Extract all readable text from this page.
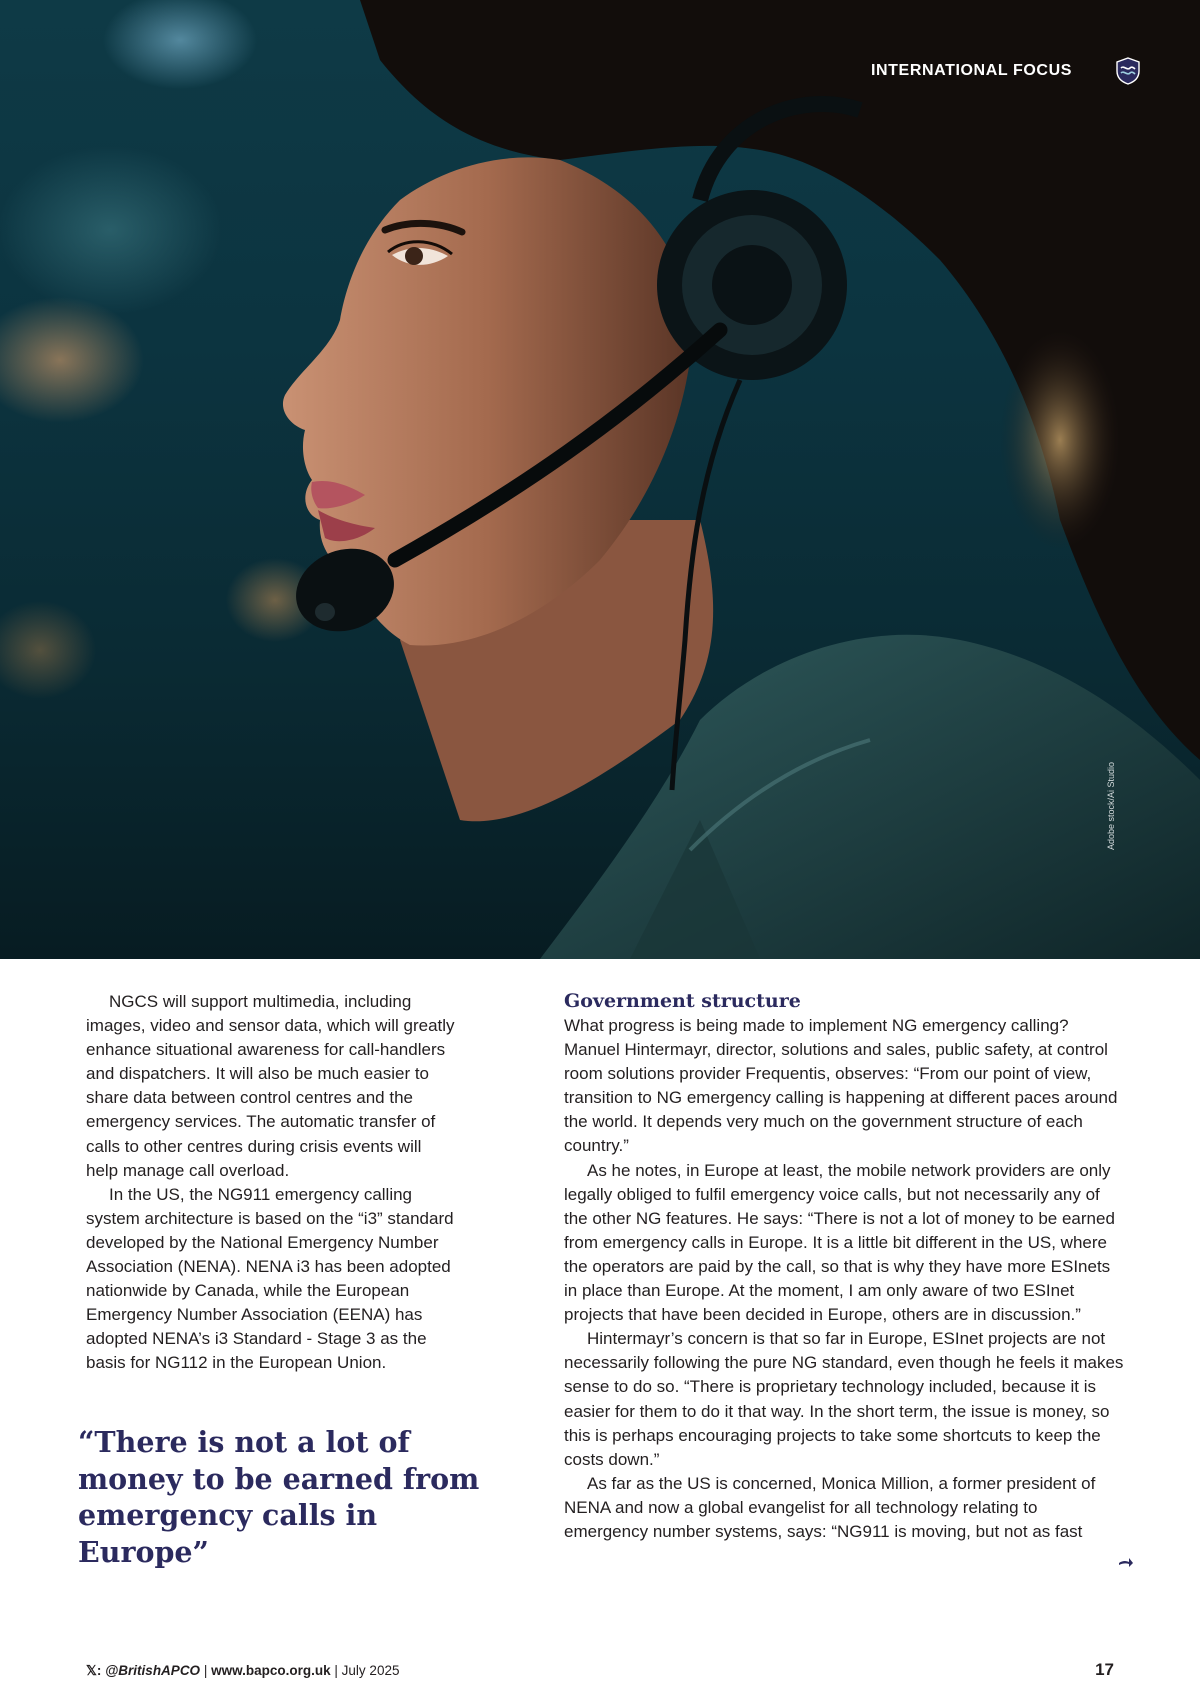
INTERNATIONAL FOCUS
Adobe stock/Ai Studio

NGCS will support multimedia, including images, video and sensor data, which will greatly enhance situational awareness for call-handlers and dispatchers. It will also be much easier to share data between control centres and the emergency services. The automatic transfer of calls to other centres during crisis events will help manage call overload.

In the US, the NG911 emergency calling system architecture is based on the “i3” standard developed by the National Emergency Number Association (NENA). NENA i3 has been adopted nationwide by Canada, while the European Emergency Number Association (EENA) has adopted NENA’s i3 Standard - Stage 3 as the basis for NG112 in the European Union.

“There is not a lot of money to be earned from emergency calls in Europe”
Government structure

What progress is being made to implement NG emergency calling? Manuel Hintermayr, director, solutions and sales, public safety, at control room solutions provider Frequentis, observes: “From our point of view, transition to NG emergency calling is happening at different paces around the world. It depends very much on the government structure of each country.”

As he notes, in Europe at least, the mobile network providers are only legally obliged to fulfil emergency voice calls, but not necessarily any of the other NG features. He says: “There is not a lot of money to be earned from emergency calls in Europe. It is a little bit different in the US, where the operators are paid by the call, so that is why they have more ESInets in place than Europe. At the moment, I am only aware of two ESInet projects that have been decided in Europe, others are in discussion.”

Hintermayr’s concern is that so far in Europe, ESInet projects are not necessarily following the pure NG standard, even though he feels it makes sense to do so. “There is proprietary technology included, because it is easier for them to do it that way. In the short term, the issue is money, so this is perhaps encouraging projects to take some shortcuts to keep the costs down.”

As far as the US is concerned, Monica Million, a former president of NENA and now a global evangelist for all technology relating to emergency number systems, says: “NG911 is moving, but not as fast

𝕏: @BritishAPCO | www.bapco.org.uk | July 2025	17
